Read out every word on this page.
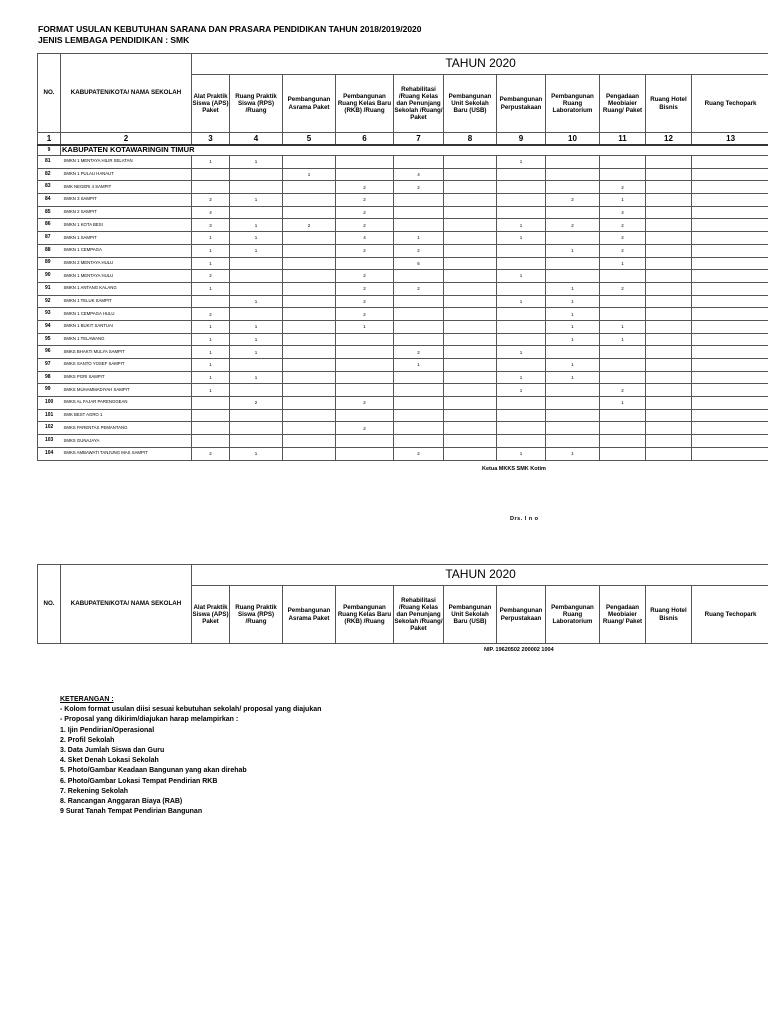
FORMAT USULAN KEBUTUHAN SARANA DAN PRASARA PENDIDIKAN TAHUN 2018/2019/2020
JENIS LEMBAGA PENDIDIKAN : SMK
NO.	KABUPATEN/KOTA/ NAMA SEKOLAH	TAHUN 2020										
		Alat Praktik Siswa (APS) Paket	Ruang Praktik Siswa (RPS) /Ruang	Pembangunan Asrama Paket	Pembangunan Ruang Kelas Baru (RKB) /Ruang	Rehabilitasi /Ruang Kelas dan Penunjang Sekolah /Ruang/ Paket	Pembangunan Unit Sekolah Baru (USB)	Pembangunan Perpustakaan	Pembangunan Ruang Laboratorium	Pengadaan Meobiaier Ruang/ Paket	Ruang Hotel Bisnis	Ruang Techopark
1	2	3	4	5	6	7	8	9	10	11	12	13
9	KABUPATEN KOTAWARINGIN TIMUR											
81	SMKN 1 MENTAYA HILIR SELATAN	1	1					1				
82	SMKN 1 PULAU HANAUT			1		4						
83	SMK NEGERI 4 SAMPIT				2	2				2		
84	SMKN 3 SAMPIT	2	1		2				2	1		
85	SMKN 2 SAMPIT	4			2					4		
86	SMKN 1 KOTA BESI	3	1	2	2			1	2	2		
87	SMKN 1 SAMPIT	1	1		4	1		1		2		
88	SMKN 1 CEMPAGA	1	1		2	2			1	2		
89	SMKN 2 MENTAYA HULU	1				6				1		
90	SMKN 1 MENTAYA HULU	2			2			1				
91	SMKN 1 ANTANG KALANG	1			2	2			1	2		
92	SMKN 1 TELUK SAMPIT		1		2			1	1			
93	SMKN 1 CEMPAGA HULU	2			2				1			
94	SMKN 1 BUKIT SANTUAI	1	1		1				1	1		
95	SMKN 1 TELAWANG	1	1						1	1		
96	SMKS BHAKTI MULYA SAMPIT	1	1			2		1				
97	SMKS SANTO YOSEF SAMPIT	1				1			1			
98	SMKS PGRI SAMPIT	1	1					1	1			
99	SMKS MUHAMMADIYAH SAMPIT	1						1		2		
100	SMKS AL FAJAR PARENGGEAN		2		2					1		
101	SMK BEST AGRO 1											
102	SMKS PARENTAS PEMANTANG				2							
103	SMKS GUNAJAYA											
104	SMKS AMBAWATI TANJUNG MAS SAMPIT	2	1			2		1	1			
Ketua MKKS SMK Kotim
Drs. I n o
NO.	KABUPATEN/KOTA/ NAMA SEKOLAH	TAHUN 2020										
		Alat Praktik Siswa (APS) Paket	Ruang Praktik Siswa (RPS) /Ruang	Pembangunan Asrama Paket	Pembangunan Ruang Kelas Baru (RKB) /Ruang	Rehabilitasi /Ruang Kelas dan Penunjang Sekolah /Ruang/ Paket	Pembangunan Unit Sekolah Baru (USB)	Pembangunan Perpustakaan	Pembangunan Ruang Laboratorium	Pengadaan Meobiaier Ruang/ Paket	Ruang Hotel Bisnis	Ruang Techopark
NIP. 19620502 200002 1004
KETERANGAN :
- Kolom format usulan diisi sesuai kebutuhan sekolah/ proposal yang diajukan
- Proposal yang dikirim/diajukan harap melampirkan :
1. Ijin Pendirian/Operasional
2. Profil Sekolah
3. Data Jumlah Siswa dan Guru
4. Sket Denah Lokasi Sekolah
5. Photo/Gambar Keadaan Bangunan yang akan direhab
6. Photo/Gambar Lokasi Tempat Pendirian RKB
7. Rekening Sekolah
8. Rancangan Anggaran Biaya (RAB)
9 Surat Tanah Tempat Pendirian Bangunan
